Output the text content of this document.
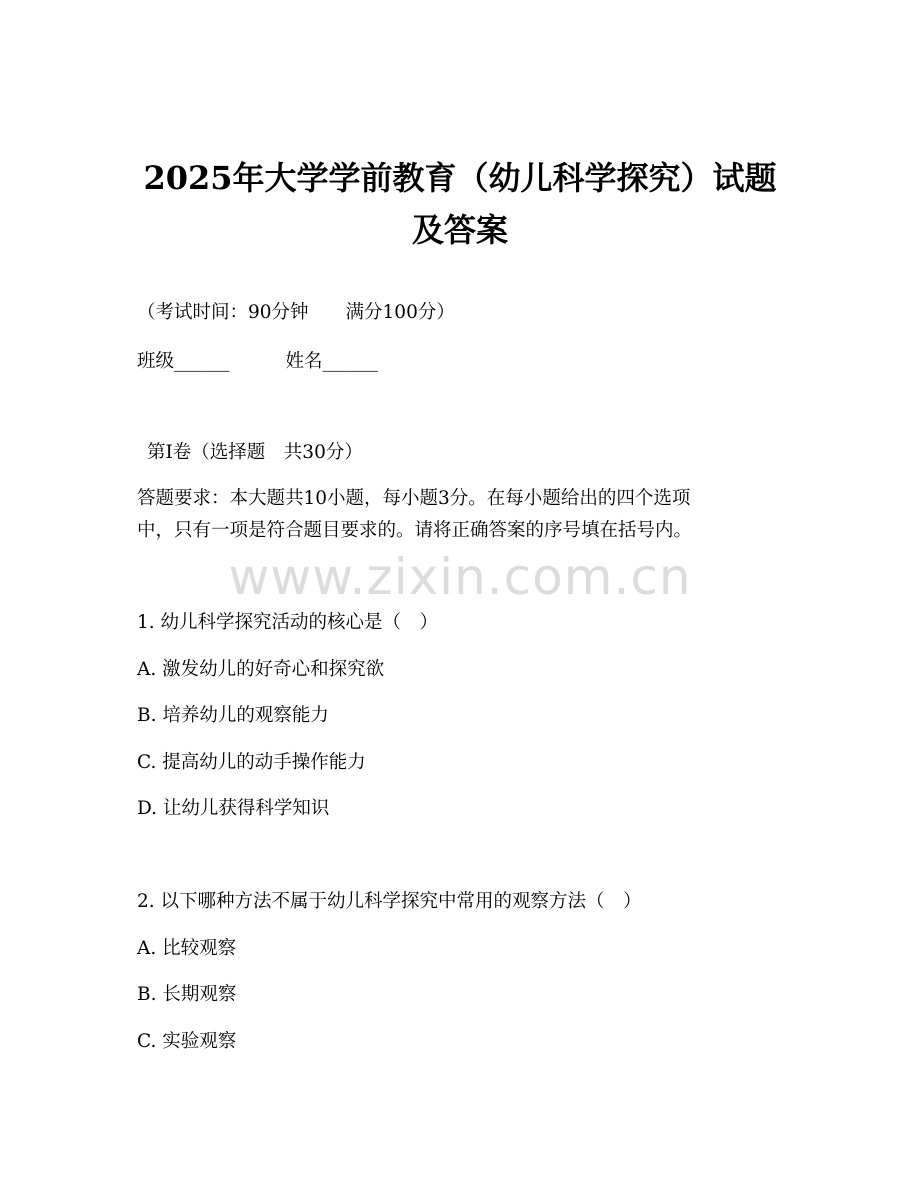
2025年大学学前教育（幼儿科学探究）试题
及答案
（考试时间：90分钟　　满分100分）
班级______	姓名______
第Ⅰ卷（选择题　共30分）
答题要求：本大题共10小题，每小题3分。在每小题给出的四个选项
中，只有一项是符合题目要求的。请将正确答案的序号填在括号内。
www.zixin.com.cn
1. 幼儿科学探究活动的核心是（　）
A. 激发幼儿的好奇心和探究欲
B. 培养幼儿的观察能力
C. 提高幼儿的动手操作能力
D. 让幼儿获得科学知识
2. 以下哪种方法不属于幼儿科学探究中常用的观察方法（　）
A. 比较观察
B. 长期观察
C. 实验观察
